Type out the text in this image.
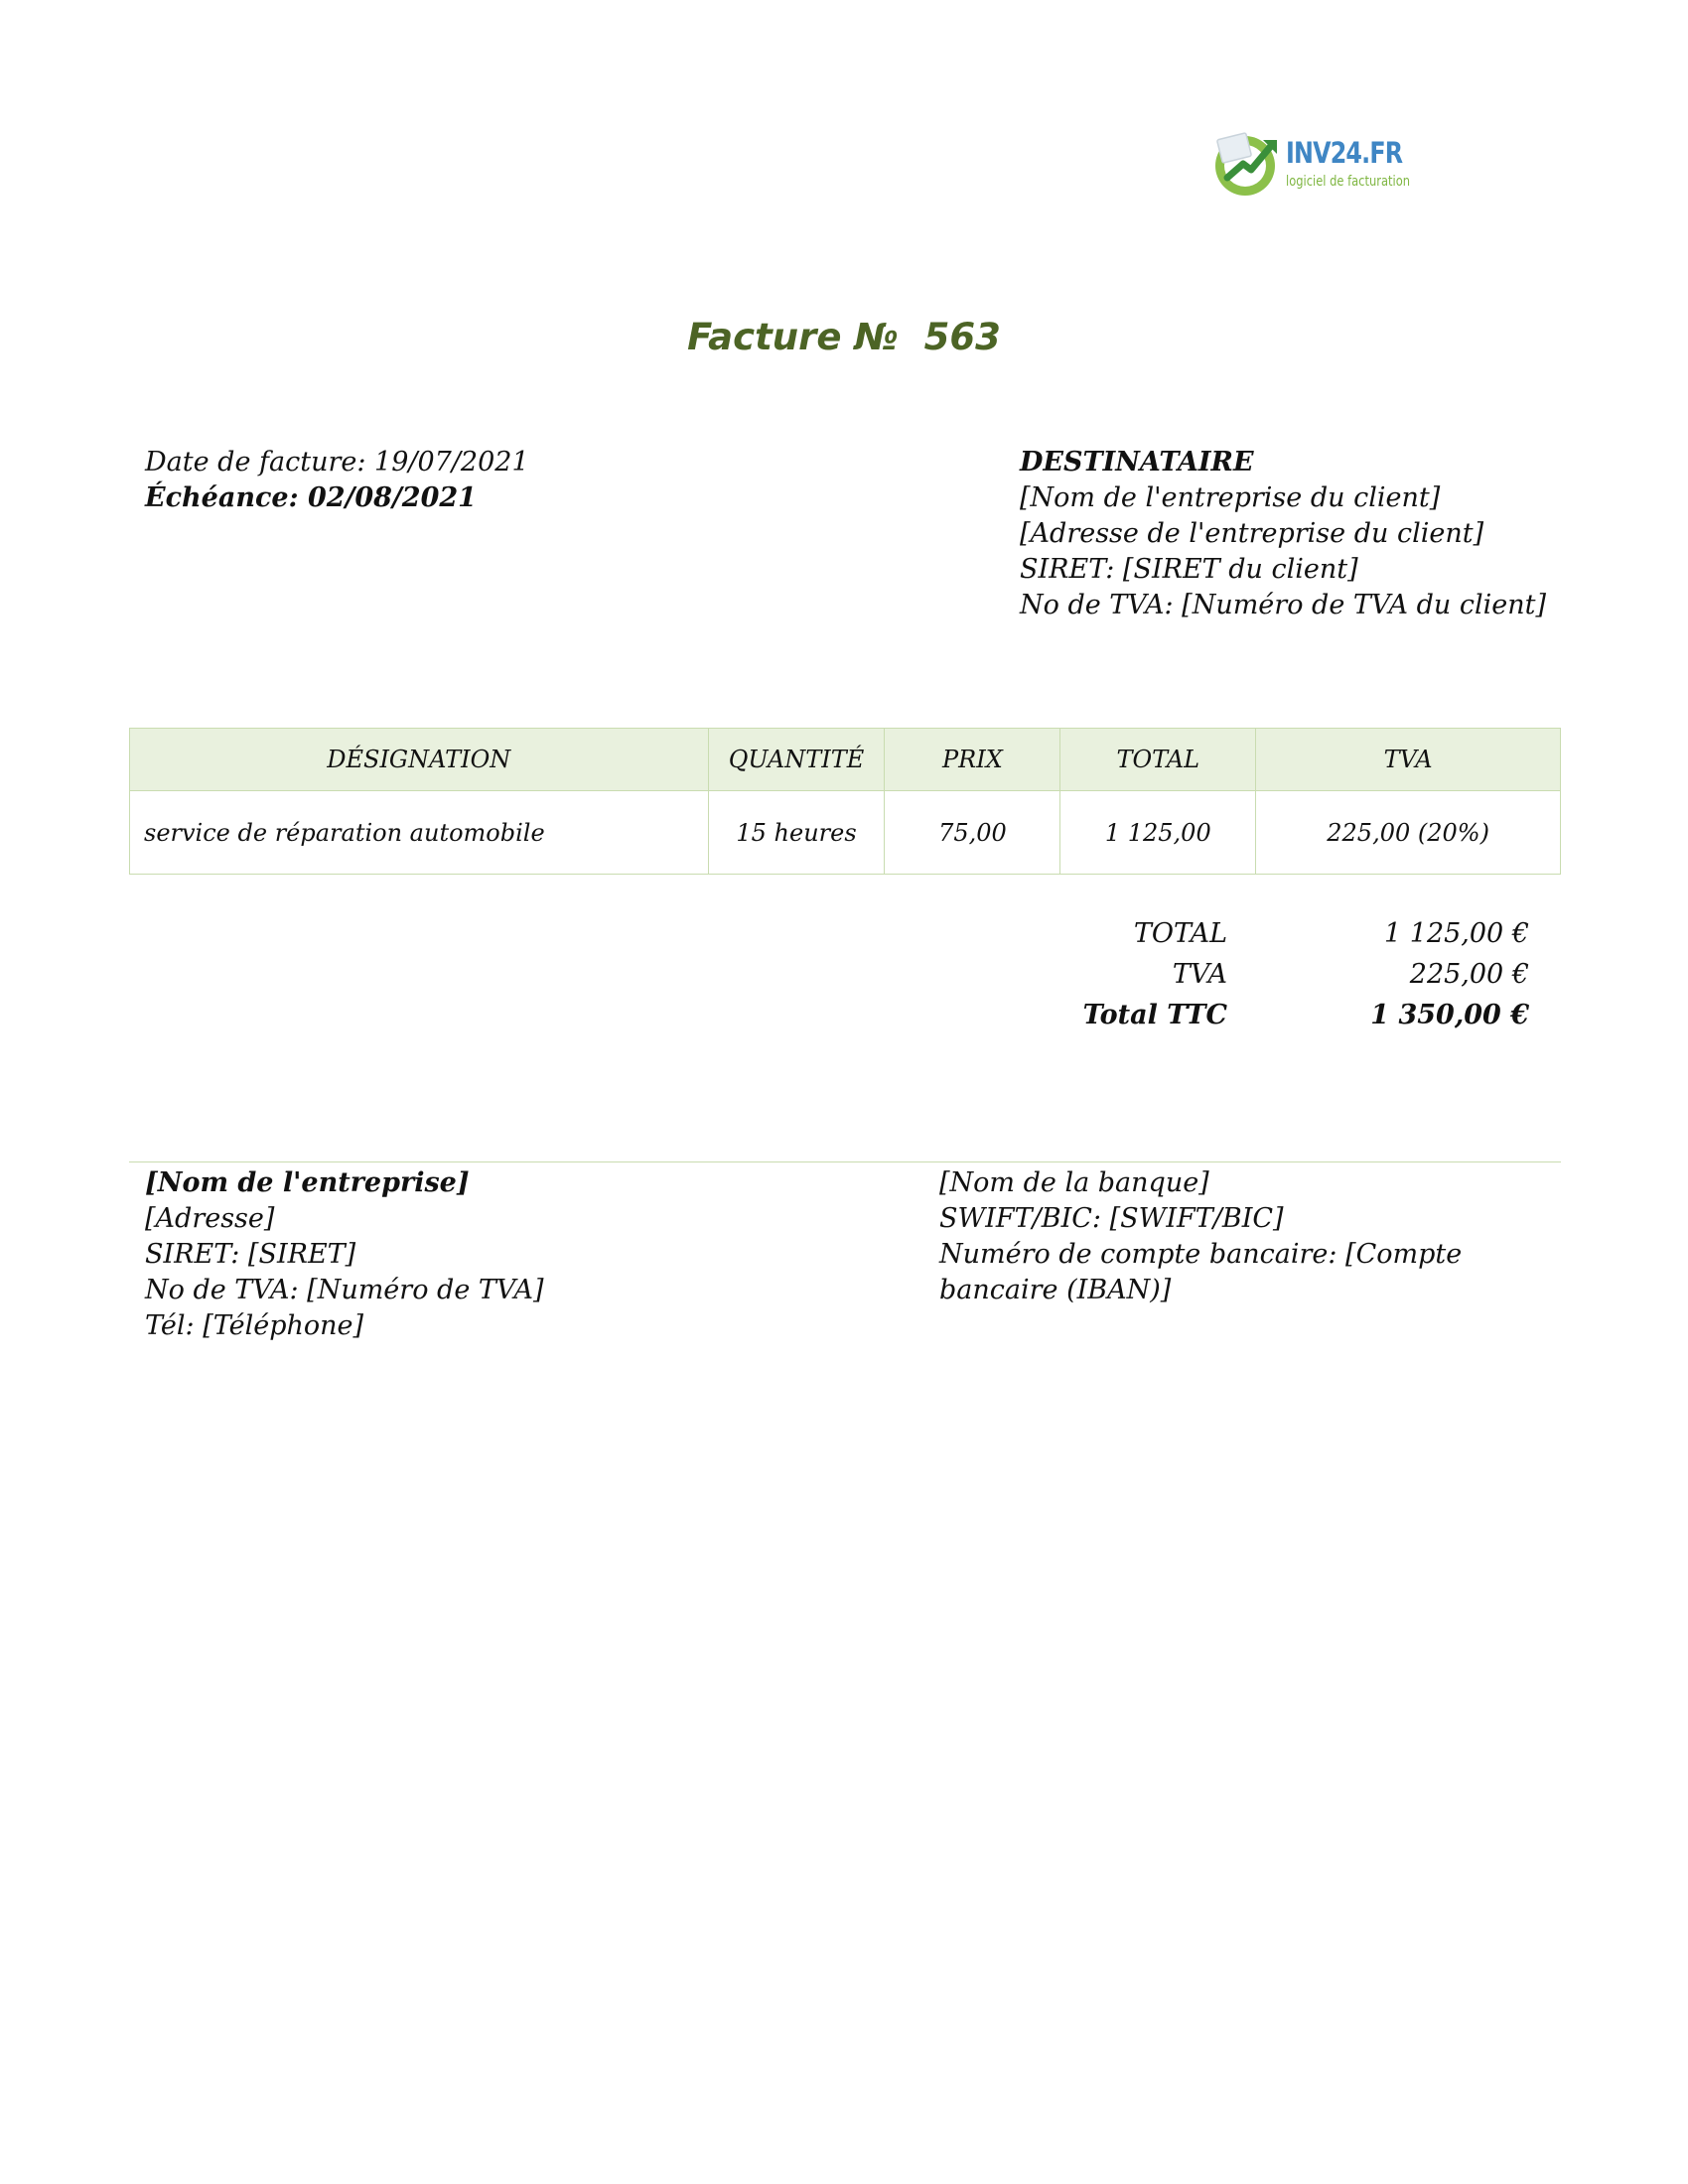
INV24.FR
logiciel de facturation
Facture №  563
Date de facture: 19/07/2021
Échéance: 02/08/2021
DESTINATAIRE
[Nom de l'entreprise du client]
[Adresse de l'entreprise du client]
SIRET: [SIRET du client]
No de TVA: [Numéro de TVA du client]
DÉSIGNATION	QUANTITÉ	PRIX	TOTAL	TVA
service de réparation automobile	15 heures	75,00	1 125,00	225,00 (20%)
TOTAL	1 125,00 €
TVA	225,00 €
Total TTC	1 350,00 €
[Nom de l'entreprise]
[Adresse]
SIRET: [SIRET]
No de TVA: [Numéro de TVA]
Tél: [Téléphone]
[Nom de la banque]
SWIFT/BIC: [SWIFT/BIC]
Numéro de compte bancaire: [Compte bancaire (IBAN)]
